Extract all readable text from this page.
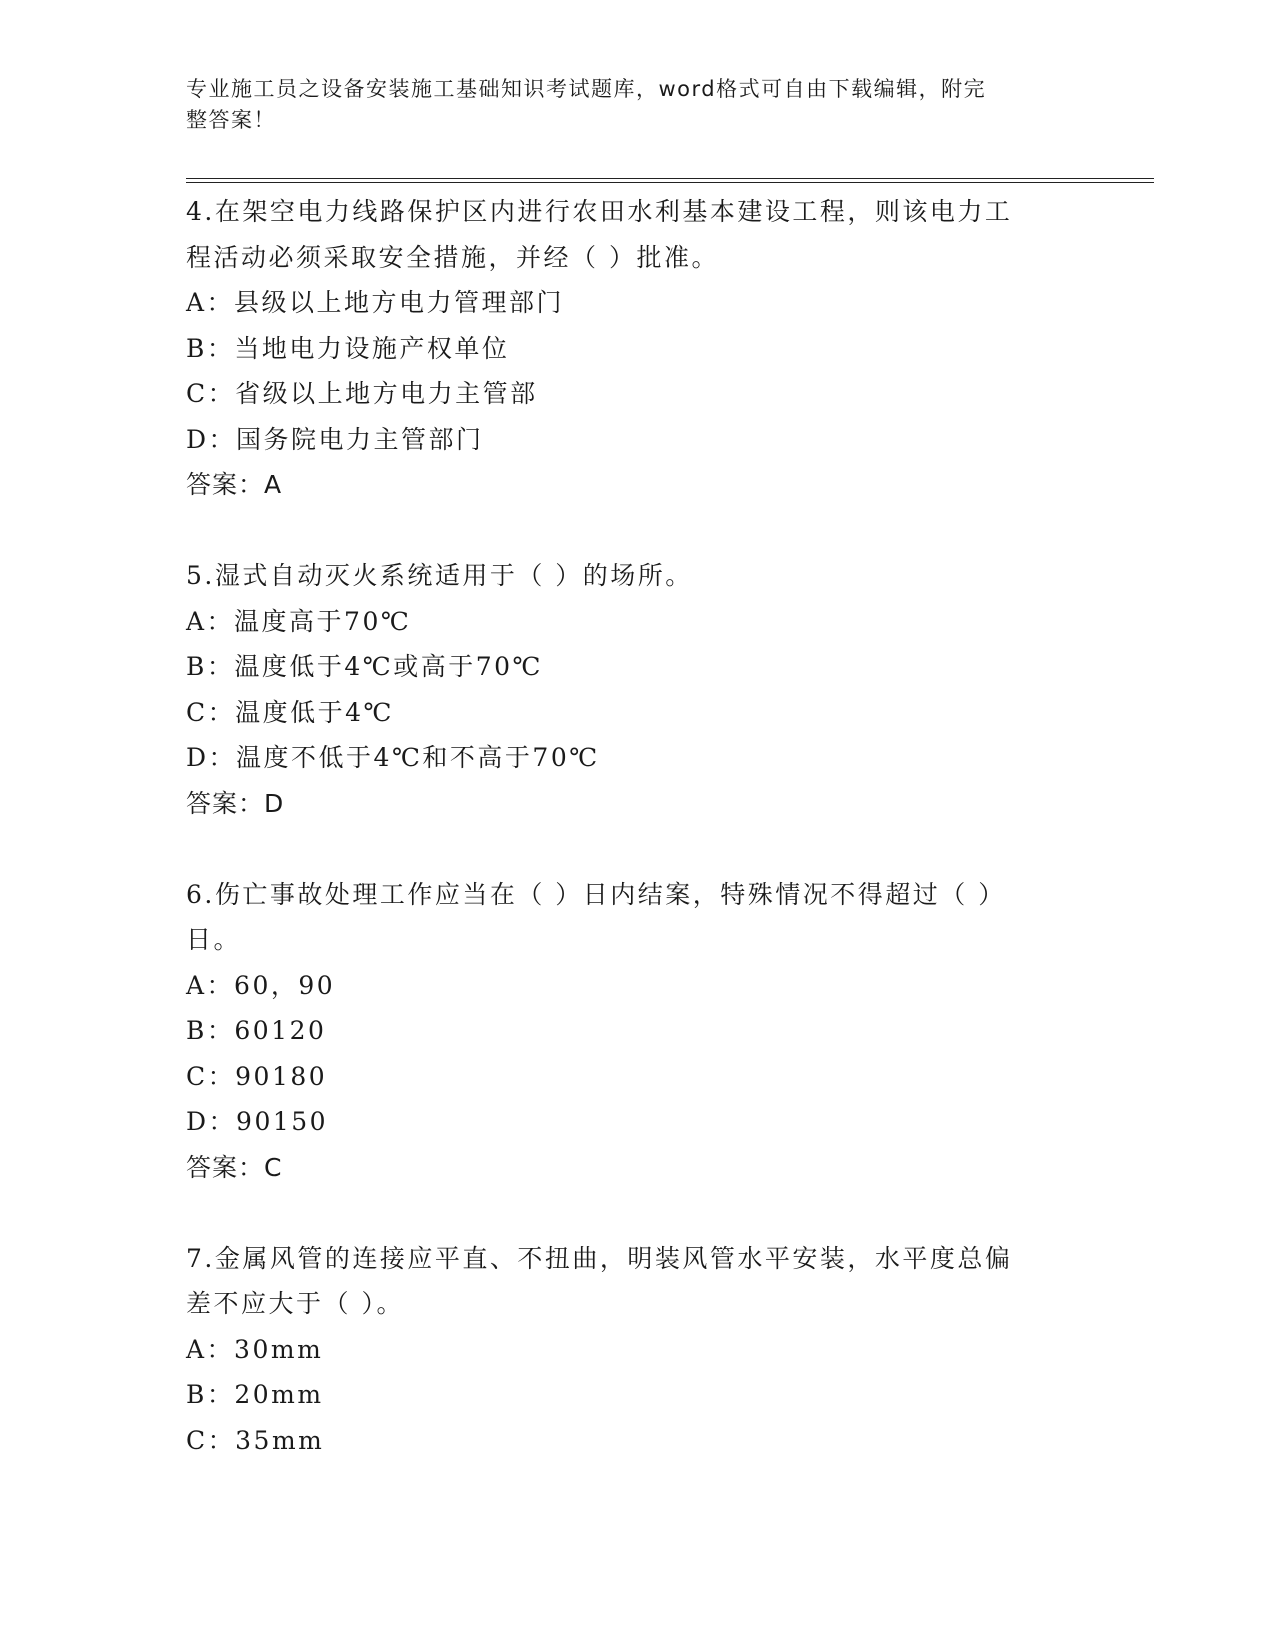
专业施工员之设备安装施工基础知识考试题库，word格式可自由下载编辑，附完
整答案！
4.在架空电力线路保护区内进行农田水利基本建设工程，则该电力工
程活动必须采取安全措施，并经（ ）批准。
A：县级以上地方电力管理部门
B：当地电力设施产权单位
C：省级以上地方电力主管部
D：国务院电力主管部门
答案：A
5.湿式自动灭火系统适用于（ ）的场所。
A：温度高于70℃
B：温度低于4℃或高于70℃
C：温度低于4℃
D：温度不低于4℃和不高于70℃
答案：D
6.伤亡事故处理工作应当在（ ）日内结案，特殊情况不得超过（ ）
日。
A：60，90
B：60120
C：90180
D：90150
答案：C
7.金属风管的连接应平直、不扭曲，明装风管水平安装，水平度总偏
差不应大于（ ）。
A：30mm
B：20mm
C：35mm
